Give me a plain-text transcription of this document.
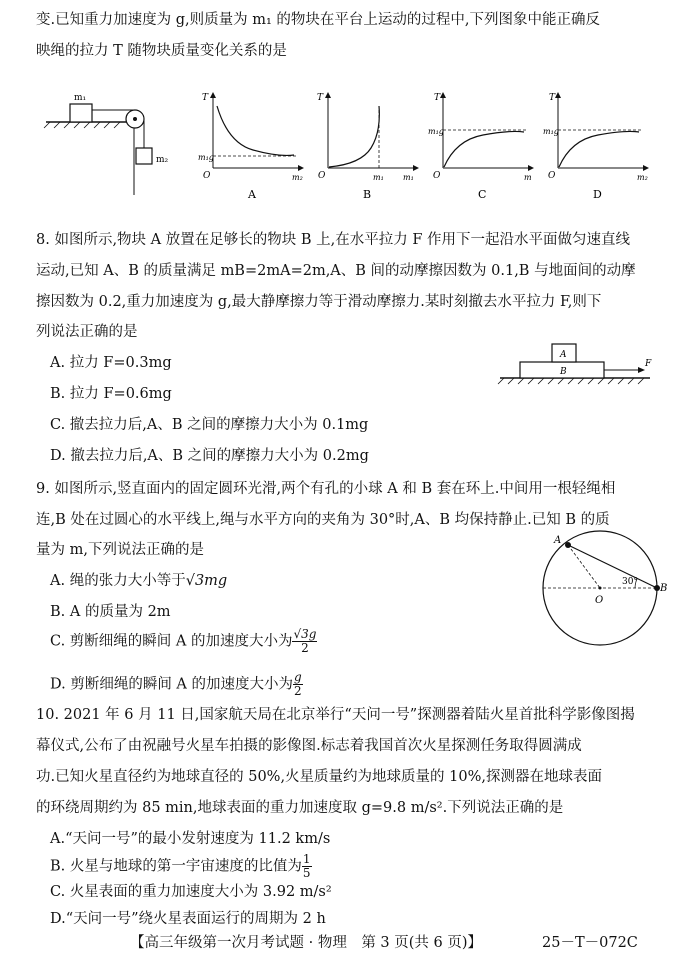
变.已知重力加速度为 g,则质量为 m₁ 的物块在平台上运动的过程中,下列图象中能正确反
映绳的拉力 T 随物块质量变化关系的是
m₁
m₂
T
O	m₂
m₁g
A
T
O	m₁ m₁
B
T
O
m₁g
m
C
T
O
m₁g
m₂
D
8. 如图所示,物块 A 放置在足够长的物块 B 上,在水平拉力 F 作用下一起沿水平面做匀速直线
运动,已知 A、B 的质量满足 mB=2mA=2m,A、B 间的动摩擦因数为 0.1,B 与地面间的动摩
擦因数为 0.2,重力加速度为 g,最大静摩擦力等于滑动摩擦力.某时刻撤去水平拉力 F,则下
列说法正确的是
A. 拉力 F=0.3mg
B. 拉力 F=0.6mg
C. 撤去拉力后,A、B 之间的摩擦力大小为 0.1mg
D. 撤去拉力后,A、B 之间的摩擦力大小为 0.2mg
A
B
F
9. 如图所示,竖直面内的固定圆环光滑,两个有孔的小球 A 和 B 套在环上.中间用一根轻绳相
连,B 处在过圆心的水平线上,绳与水平方向的夹角为 30°时,A、B 均保持静止.已知 B 的质
量为 m,下列说法正确的是
A. 绳的张力大小等于√3mg
B. A 的质量为 2m
C. 剪断细绳的瞬间 A 的加速度大小为 $\frac{√3g}{2}$
D. 剪断细绳的瞬间 A 的加速度大小为 $\frac{g}{2}$
A
B
O
30°
10. 2021 年 6 月 11 日,国家航天局在北京举行“天问一号”探测器着陆火星首批科学影像图揭
幕仪式,公布了由祝融号火星车拍摄的影像图.标志着我国首次火星探测任务取得圆满成
功.已知火星直径约为地球直径的 50%,火星质量约为地球质量的 10%,探测器在地球表面
的环绕周期约为 85 min,地球表面的重力加速度取 g=9.8 m/s².下列说法正确的是
A.“天问一号”的最小发射速度为 11.2 km/s
B. 火星与地球的第一宇宙速度的比值为 $\frac{1}{5}$
C. 火星表面的重力加速度大小为 3.92 m/s²
D.“天问一号”绕火星表面运行的周期为 2 h
【高三年级第一次月考试题 · 物理　第 3 页(共 6 页)】	25－T－072C
